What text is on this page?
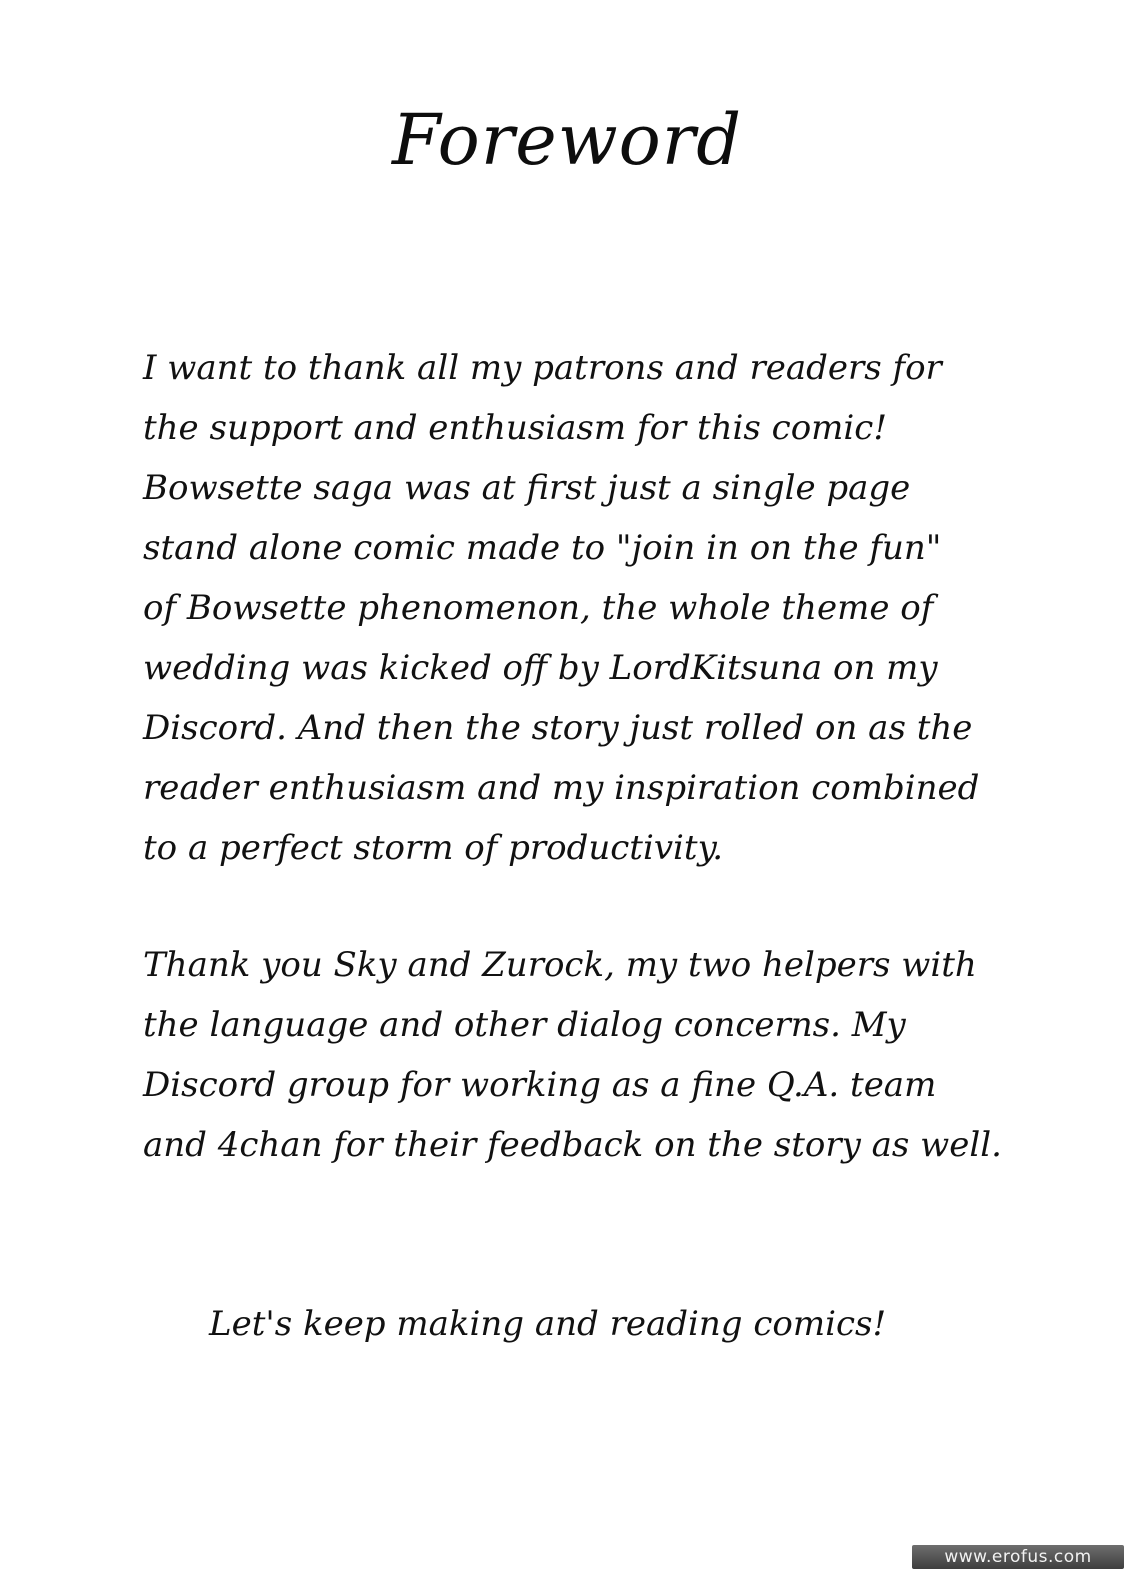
Foreword
I want to thank all my patrons and readers for
the support and enthusiasm for this comic!
Bowsette saga was at first just a single page
stand alone comic made to "join in on the fun"
of Bowsette phenomenon, the whole theme of
wedding was kicked off by LordKitsuna on my
Discord. And then the story just rolled on as the
reader enthusiasm and my inspiration combined
to a perfect storm of productivity.
Thank you Sky and Zurock, my two helpers with
the language and other dialog concerns. My
Discord group for working as a fine Q.A. team
and 4chan for their feedback on the story as well.
Let's keep making and reading comics!
www.erofus.com
